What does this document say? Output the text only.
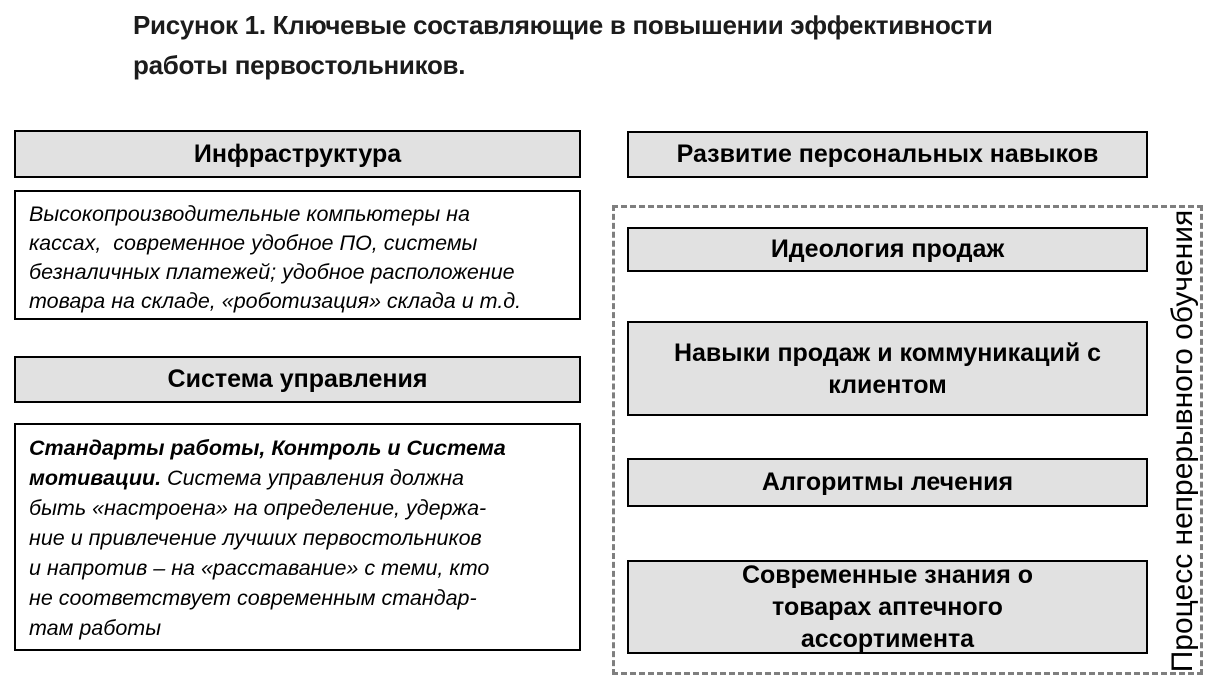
Рисунок 1. Ключевые составляющие в повышении эффективности
работы первостольников.
Инфраструктура
Высокопроизводительные компьютеры на
кассах,  современное удобное ПО, системы
безналичных платежей; удобное расположение
товара на складе, «роботизация» склада и т.д.
Система управления
Стандарты работы, Контроль и Система
мотивации. Система управления должна
быть «настроена» на определение, удержа-
ние и привлечение лучших первостольников
и напротив – на «расставание» с теми, кто
не соответствует современным стандар-
там работы
Развитие персональных навыков
Идеология продаж
Навыки продаж и коммуникаций с клиентом
Алгоритмы лечения
Современные знания о товарах аптечного ассортимента	Процесс непрерывного обучения
